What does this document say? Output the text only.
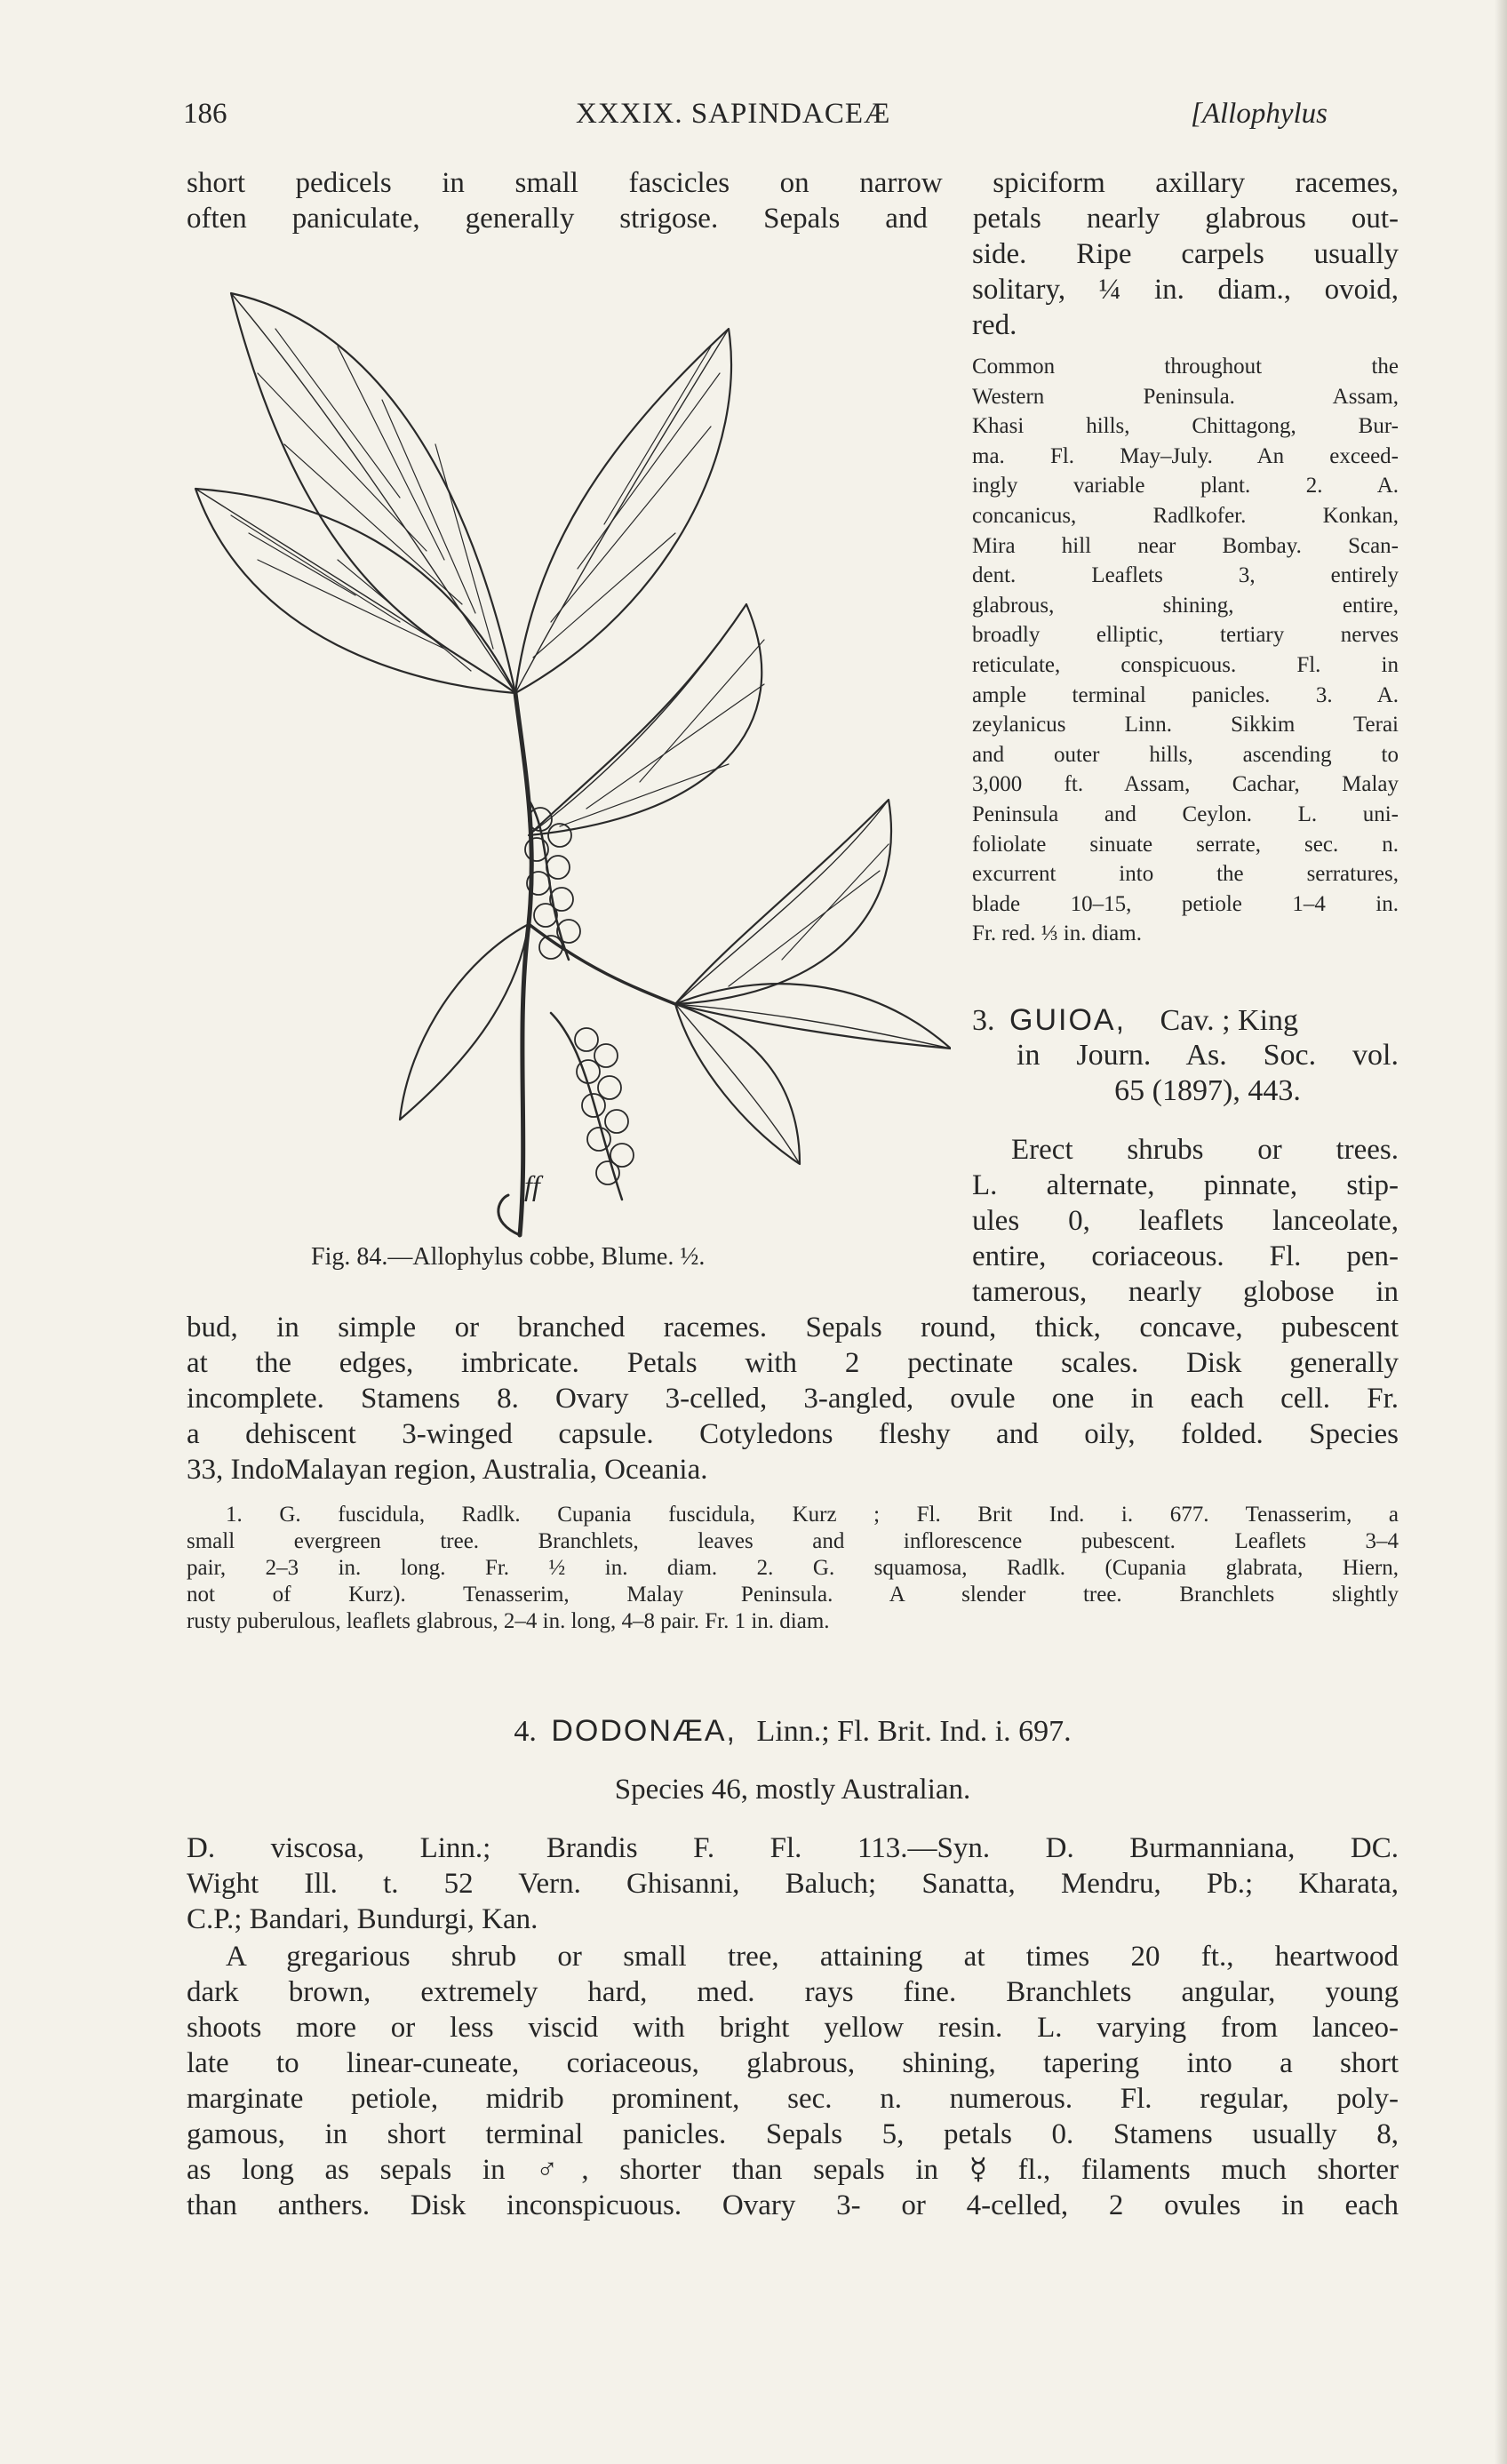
186	XXXIX. SAPINDACEÆ	[Allophylus
short pedicels in small fascicles on narrow spiciform axillary racemes,
often paniculate, generally strigose. Sepals and petals nearly glabrous out-
side. Ripe carpels usually
solitary, ¼ in. diam., ovoid,
red.
Common throughout the
Western Peninsula. Assam,
Khasi hills, Chittagong, Bur-
ma. Fl. May–July. An exceed-
ingly variable plant. 2. A.
concanicus, Radlkofer. Konkan,
Mira hill near Bombay. Scan-
dent. Leaflets 3, entirely
glabrous, shining, entire,
broadly elliptic, tertiary nerves
reticulate, conspicuous. Fl. in
ample terminal panicles. 3. A.
zeylanicus Linn. Sikkim Terai
and outer hills, ascending to
3,000 ft. Assam, Cachar, Malay
Peninsula and Ceylon. L. uni-
foliolate sinuate serrate, sec. n.
excurrent into the serratures,
blade 10–15, petiole 1–4 in.
Fr. red. ⅓ in. diam.
3. GUIOA, Cav. ; King
in Journ. As. Soc. vol.
65 (1897), 443.
Erect shrubs or trees.
L. alternate, pinnate, stip-
ules 0, leaflets lanceolate,
entire, coriaceous. Fl. pen-
tamerous, nearly globose in
ff
Fig. 84.—Allophylus cobbe, Blume. ½.
bud, in simple or branched racemes. Sepals round, thick, concave, pubescent
at the edges, imbricate. Petals with 2 pectinate scales. Disk generally
incomplete. Stamens 8. Ovary 3-celled, 3-angled, ovule one in each cell. Fr.
a dehiscent 3-winged capsule. Cotyledons fleshy and oily, folded. Species
33, IndoMalayan region, Australia, Oceania.
1. G. fuscidula, Radlk. Cupania fuscidula, Kurz ; Fl. Brit Ind. i. 677. Tenasserim, a
small evergreen tree. Branchlets, leaves and inflorescence pubescent. Leaflets 3–4
pair, 2–3 in. long. Fr. ½ in. diam. 2. G. squamosa, Radlk. (Cupania glabrata, Hiern,
not of Kurz). Tenasserim, Malay Peninsula. A slender tree. Branchlets slightly
rusty puberulous, leaflets glabrous, 2–4 in. long, 4–8 pair. Fr. 1 in. diam.
4. DODONÆA, Linn.; Fl. Brit. Ind. i. 697.
Species 46, mostly Australian.
D. viscosa, Linn.; Brandis F. Fl. 113.—Syn. D. Burmanniana, DC.
Wight Ill. t. 52 Vern. Ghisanni, Baluch; Sanatta, Mendru, Pb.; Kharata,
C.P.; Bandari, Bundurgi, Kan.
A gregarious shrub or small tree, attaining at times 20 ft., heartwood
dark brown, extremely hard, med. rays fine. Branchlets angular, young
shoots more or less viscid with bright yellow resin. L. varying from lanceo-
late to linear-cuneate, coriaceous, glabrous, shining, tapering into a short
marginate petiole, midrib prominent, sec. n. numerous. Fl. regular, poly-
gamous, in short terminal panicles. Sepals 5, petals 0. Stamens usually 8,
as long as sepals in ♂, shorter than sepals in ☿ fl., filaments much shorter
than anthers. Disk inconspicuous. Ovary 3- or 4-celled, 2 ovules in each
